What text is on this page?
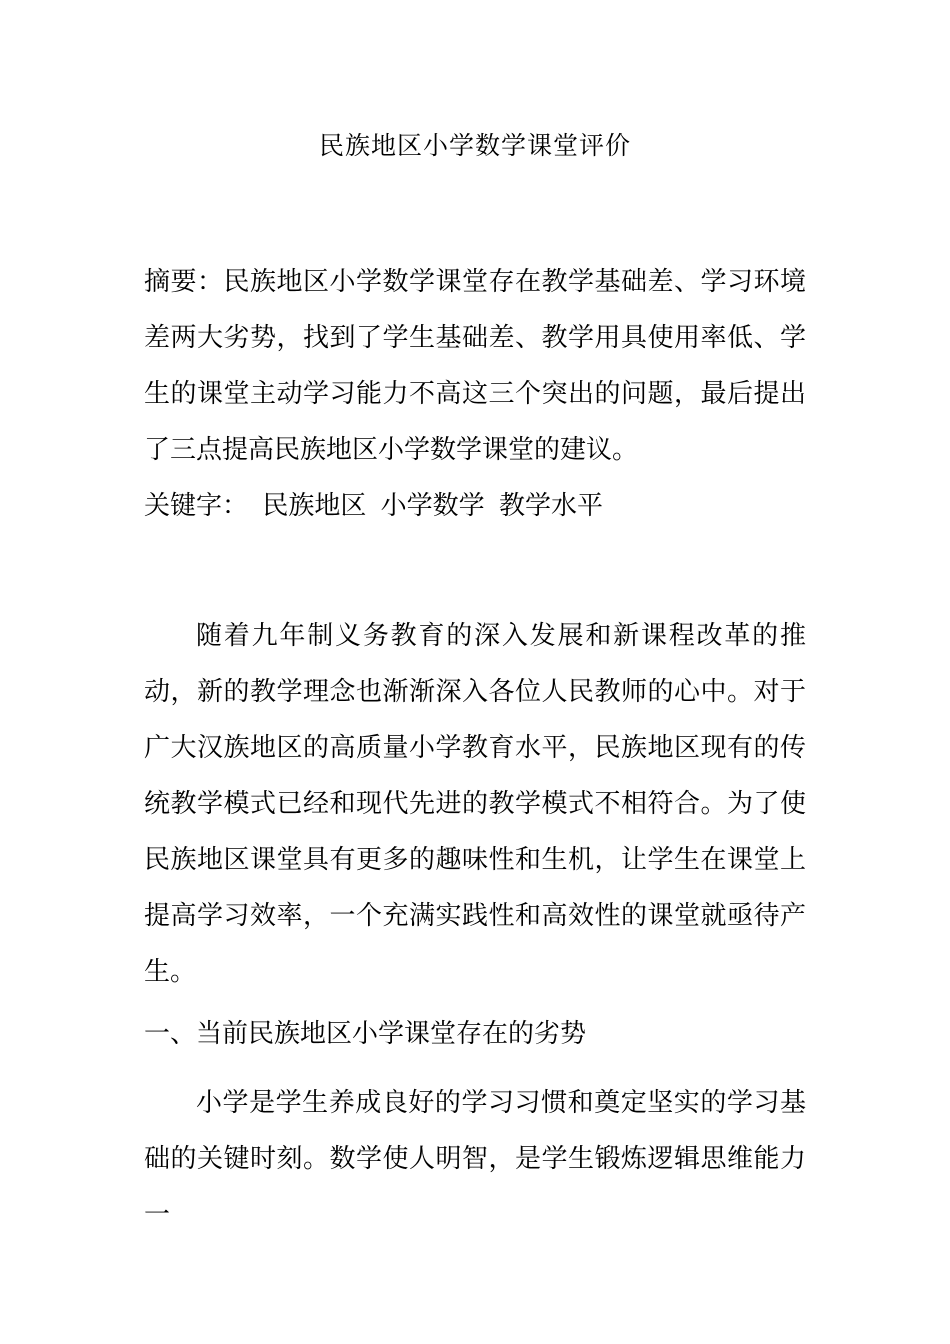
民族地区小学数学课堂评价
摘要：民族地区小学数学课堂存在教学基础差、学习环境差两大劣势，找到了学生基础差、教学用具使用率低、学生的课堂主动学习能力不高这三个突出的问题，最后提出了三点提高民族地区小学数学课堂的建议。
关键字： 民族地区 小学数学 教学水平
随着九年制义务教育的深入发展和新课程改革的推动，新的教学理念也渐渐深入各位人民教师的心中。对于广大汉族地区的高质量小学教育水平，民族地区现有的传统教学模式已经和现代先进的教学模式不相符合。为了使民族地区课堂具有更多的趣味性和生机，让学生在课堂上提高学习效率，一个充满实践性和高效性的课堂就亟待产生。
一、当前民族地区小学课堂存在的劣势
小学是学生养成良好的学习习惯和奠定坚实的学习基础的关键时刻。数学使人明智，是学生锻炼逻辑思维能力一
